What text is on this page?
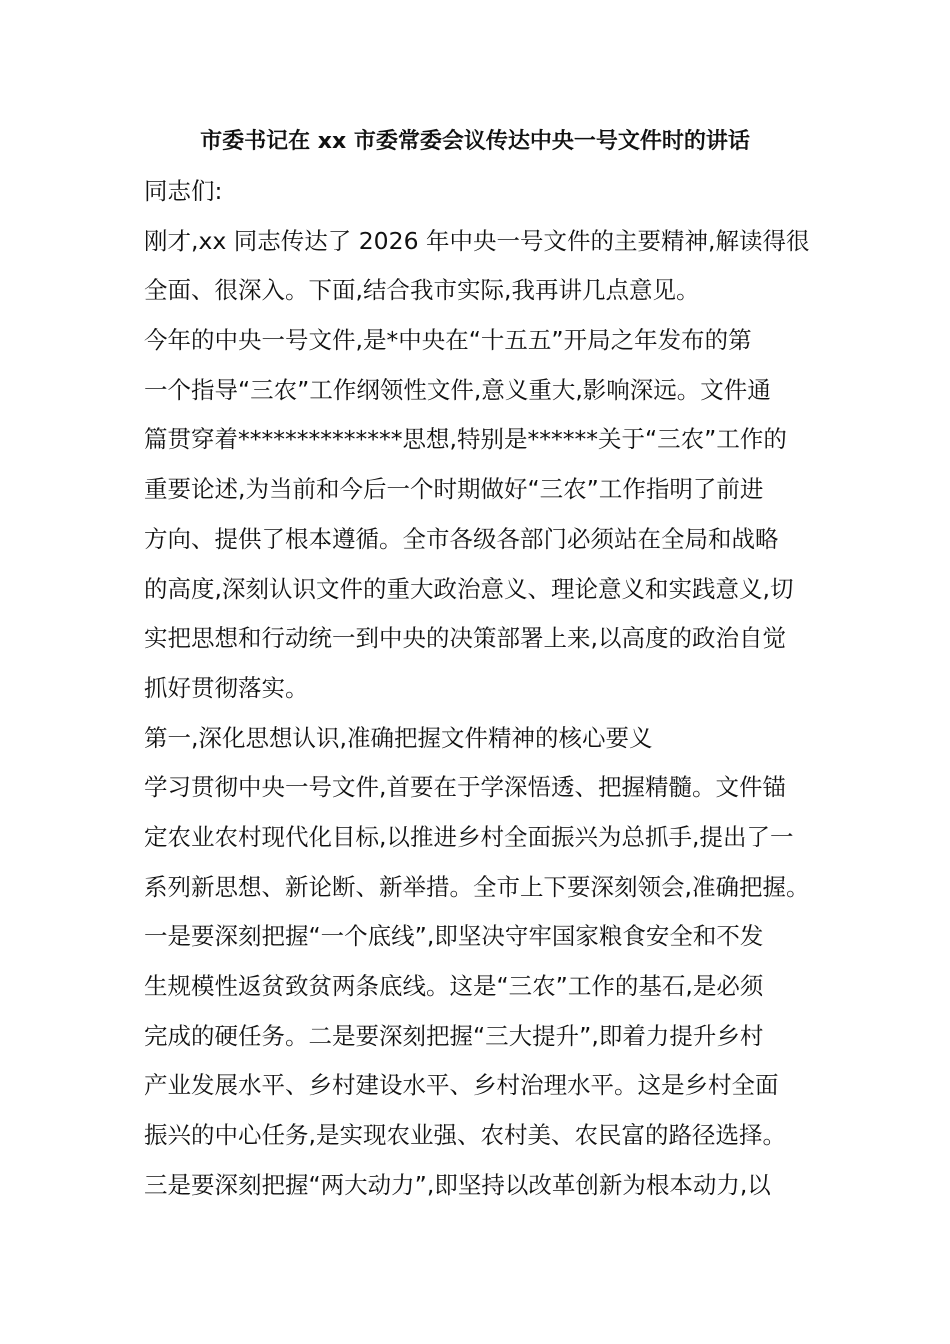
市委书记在 xx 市委常委会议传达中央一号文件时的讲话
同志们:
刚才,xx 同志传达了 2026 年中央一号文件的主要精神,解读得很
全面、很深入。下面,结合我市实际,我再讲几点意见。
今年的中央一号文件,是*中央在“十五五”开局之年发布的第
一个指导“三农”工作纲领性文件,意义重大,影响深远。文件通
篇贯穿着**************思想,特别是******关于“三农”工作的
重要论述,为当前和今后一个时期做好“三农”工作指明了前进
方向、提供了根本遵循。全市各级各部门必须站在全局和战略
的高度,深刻认识文件的重大政治意义、理论意义和实践意义,切
实把思想和行动统一到中央的决策部署上来,以高度的政治自觉
抓好贯彻落实。
第一,深化思想认识,准确把握文件精神的核心要义
学习贯彻中央一号文件,首要在于学深悟透、把握精髓。文件锚
定农业农村现代化目标,以推进乡村全面振兴为总抓手,提出了一
系列新思想、新论断、新举措。全市上下要深刻领会,准确把握。
一是要深刻把握“一个底线”,即坚决守牢国家粮食安全和不发
生规模性返贫致贫两条底线。这是“三农”工作的基石,是必须
完成的硬任务。二是要深刻把握“三大提升”,即着力提升乡村
产业发展水平、乡村建设水平、乡村治理水平。这是乡村全面
振兴的中心任务,是实现农业强、农村美、农民富的路径选择。
三是要深刻把握“两大动力”,即坚持以改革创新为根本动力,以
